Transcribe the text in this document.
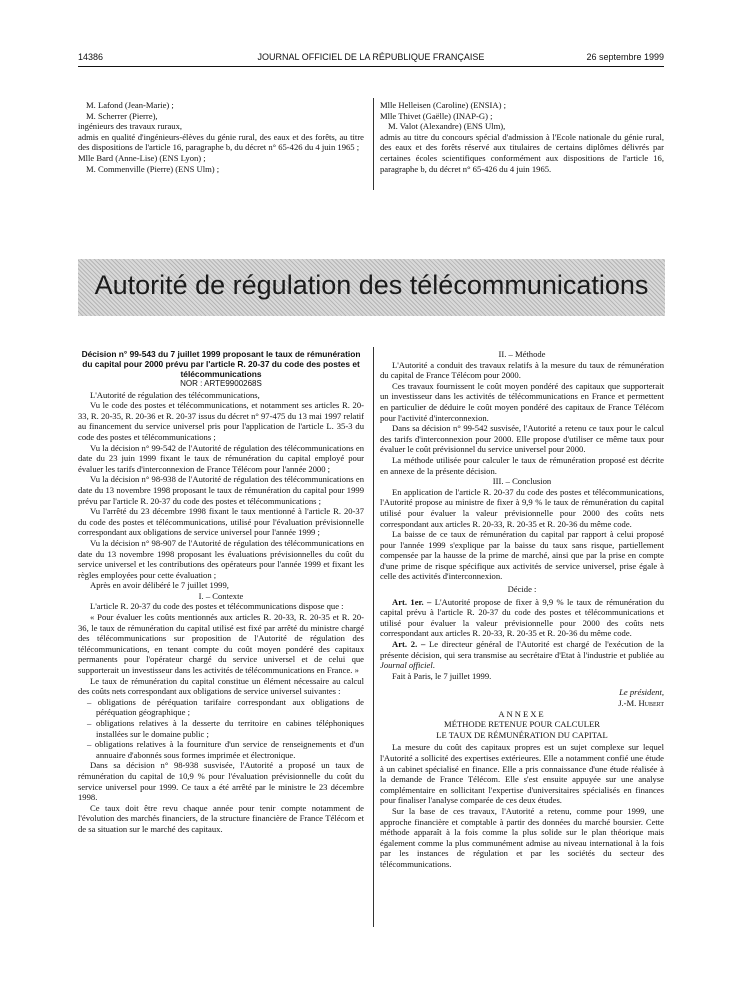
14386	JOURNAL OFFICIEL DE LA RÉPUBLIQUE FRANÇAISE	26 septembre 1999

M. Lafond (Jean-Marie) ;

M. Scherrer (Pierre),

ingénieurs des travaux ruraux,

admis en qualité d'ingénieurs-élèves du génie rural, des eaux et des forêts, au titre des dispositions de l'article 16, paragraphe b, du décret n° 65-426 du 4 juin 1965 ;

Mlle Bard (Anne-Lise) (ENS Lyon) ;

M. Commenville (Pierre) (ENS Ulm) ;

Mlle Helleisen (Caroline) (ENSIA) ;

Mlle Thivet (Gaëlle) (INAP-G) ;

M. Valot (Alexandre) (ENS Ulm),

admis au titre du concours spécial d'admission à l'Ecole nationale du génie rural, des eaux et des forêts réservé aux titulaires de certains diplômes délivrés par certaines écoles scientifiques conformément aux dispositions de l'article 16, paragraphe b, du décret n° 65-426 du 4 juin 1965.

Autorité de régulation des télécommunications

Décision n° 99-543 du 7 juillet 1999 proposant le taux de rémunération du capital pour 2000 prévu par l'article R. 20-37 du code des postes et télécommunications

NOR : ARTE9900268S

L'Autorité de régulation des télécommunications,

Vu le code des postes et télécommunications, et notamment ses articles R. 20-33, R. 20-35, R. 20-36 et R. 20-37 issus du décret n° 97-475 du 13 mai 1997 relatif au financement du service universel pris pour l'application de l'article L. 35-3 du code des postes et télécommunications ;

Vu la décision n° 99-542 de l'Autorité de régulation des télécommunications en date du 23 juin 1999 fixant le taux de rémunération du capital employé pour évaluer les tarifs d'interconnexion de France Télécom pour l'année 2000 ;

Vu la décision n° 98-938 de l'Autorité de régulation des télécommunications en date du 13 novembre 1998 proposant le taux de rémunération du capital pour 1999 prévu par l'article R. 20-37 du code des postes et télécommunications ;

Vu l'arrêté du 23 décembre 1998 fixant le taux mentionné à l'article R. 20-37 du code des postes et télécommunications, utilisé pour l'évaluation prévisionnelle correspondant aux obligations de service universel pour l'année 1999 ;

Vu la décision n° 98-907 de l'Autorité de régulation des télécommunications en date du 13 novembre 1998 proposant les évaluations prévisionnelles du coût du service universel et les contributions des opérateurs pour l'année 1999 et fixant les règles employées pour cette évaluation ;

Après en avoir délibéré le 7 juillet 1999,

I. – Contexte

L'article R. 20-37 du code des postes et télécommunications dispose que :

« Pour évaluer les coûts mentionnés aux articles R. 20-33, R. 20-35 et R. 20-36, le taux de rémunération du capital utilisé est fixé par arrêté du ministre chargé des télécommunications sur proposition de l'Autorité de régulation des télécommunications, en tenant compte du coût moyen pondéré des capitaux permanents pour l'opérateur chargé du service universel et de celui que supporterait un investisseur dans les activités de télécommunications en France. »

Le taux de rémunération du capital constitue un élément nécessaire au calcul des coûts nets correspondant aux obligations de service universel suivantes :

– obligations de péréquation tarifaire correspondant aux obligations de péréquation géographique ;

– obligations relatives à la desserte du territoire en cabines téléphoniques installées sur le domaine public ;

– obligations relatives à la fourniture d'un service de renseignements et d'un annuaire d'abonnés sous formes imprimée et électronique.

Dans sa décision n° 98-938 susvisée, l'Autorité a proposé un taux de rémunération du capital de 10,9 % pour l'évaluation prévisionnelle du coût du service universel pour 1999. Ce taux a été arrêté par le ministre le 23 décembre 1998.

Ce taux doit être revu chaque année pour tenir compte notamment de l'évolution des marchés financiers, de la structure financière de France Télécom et de sa situation sur le marché des capitaux.

II. – Méthode

L'Autorité a conduit des travaux relatifs à la mesure du taux de rémunération du capital de France Télécom pour 2000.

Ces travaux fournissent le coût moyen pondéré des capitaux que supporterait un investisseur dans les activités de télécommunications en France et permettent en particulier de déduire le coût moyen pondéré des capitaux de France Télécom pour l'activité d'interconnexion.

Dans sa décision n° 99-542 susvisée, l'Autorité a retenu ce taux pour le calcul des tarifs d'interconnexion pour 2000. Elle propose d'utiliser ce même taux pour évaluer le coût prévisionnel du service universel pour 2000.

La méthode utilisée pour calculer le taux de rémunération proposé est décrite en annexe de la présente décision.

III. – Conclusion

En application de l'article R. 20-37 du code des postes et télécommunications, l'Autorité propose au ministre de fixer à 9,9 % le taux de rémunération du capital utilisé pour évaluer la valeur prévisionnelle pour 2000 des coûts nets correspondant aux articles R. 20-33, R. 20-35 et R. 20-36 du même code.

La baisse de ce taux de rémunération du capital par rapport à celui proposé pour l'année 1999 s'explique par la baisse du taux sans risque, partiellement compensée par la hausse de la prime de marché, ainsi que par la prise en compte d'une prime de risque spécifique aux activités de service universel, prise égale à celle des activités d'interconnexion.

Décide :

Art. 1er. – L'Autorité propose de fixer à 9,9 % le taux de rémunération du capital prévu à l'article R. 20-37 du code des postes et télécommunications et utilisé pour évaluer la valeur prévisionnelle pour 2000 des coûts nets correspondant aux articles R. 20-33, R. 20-35 et R. 20-36 du même code.

Art. 2. – Le directeur général de l'Autorité est chargé de l'exécution de la présente décision, qui sera transmise au secrétaire d'Etat à l'industrie et publiée au Journal officiel.

Fait à Paris, le 7 juillet 1999.

Le président,

J.-M. Hubert

ANNEXE

MÉTHODE RETENUE POUR CALCULER

LE TAUX DE RÉMUNÉRATION DU CAPITAL

La mesure du coût des capitaux propres est un sujet complexe sur lequel l'Autorité a sollicité des expertises extérieures. Elle a notamment confié une étude à un cabinet spécialisé en finance. Elle a pris connaissance d'une étude réalisée à la demande de France Télécom. Elle s'est ensuite appuyée sur une analyse complémentaire en sollicitant l'expertise d'universitaires spécialisés en finances pour finaliser l'analyse comparée de ces deux études.

Sur la base de ces travaux, l'Autorité a retenu, comme pour 1999, une approche financière et comptable à partir des données du marché boursier. Cette méthode apparaît à la fois comme la plus solide sur le plan théorique mais également comme la plus communément admise au niveau international à la fois par les instances de régulation et par les sociétés du secteur des télécommunications.
